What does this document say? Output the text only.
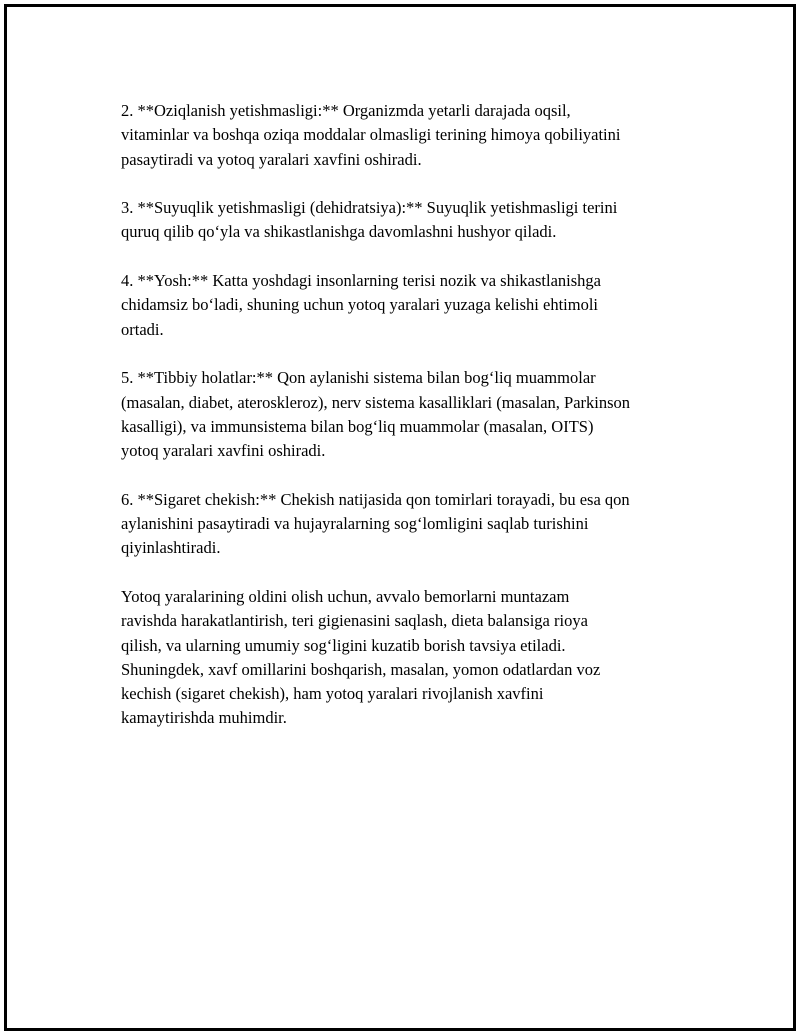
2. **Oziqlanish yetishmasligi:** Organizmda yetarli darajada oqsil,
vitaminlar va boshqa oziqa moddalar olmasligi terining himoya qobiliyatini
pasaytiradi va yotoq yaralari xavfini oshiradi.

3. **Suyuqlik yetishmasligi (dehidratsiya):** Suyuqlik yetishmasligi terini
quruq qilib qo‘yla va shikastlanishga davomlashni hushyor qiladi.

4. **Yosh:** Katta yoshdagi insonlarning terisi nozik va shikastlanishga
chidamsiz bo‘ladi, shuning uchun yotoq yaralari yuzaga kelishi ehtimoli
ortadi.

5. **Tibbiy holatlar:** Qon aylanishi sistema bilan bog‘liq muammolar
(masalan, diabet, ateroskleroz), nerv sistema kasalliklari (masalan, Parkinson
kasalligi), va immunsistema bilan bog‘liq muammolar (masalan, OITS)
yotoq yaralari xavfini oshiradi.

6. **Sigaret chekish:** Chekish natijasida qon tomirlari torayadi, bu esa qon
aylanishini pasaytiradi va hujayralarning sog‘lomligini saqlab turishini
qiyinlashtiradi.

Yotoq yaralarining oldini olish uchun, avvalo bemorlarni muntazam
ravishda harakatlantirish, teri gigienasini saqlash, dieta balansiga rioya
qilish, va ularning umumiy sog‘ligini kuzatib borish tavsiya etiladi.
Shuningdek, xavf omillarini boshqarish, masalan, yomon odatlardan voz
kechish (sigaret chekish), ham yotoq yaralari rivojlanish xavfini
kamaytirishda muhimdir.
